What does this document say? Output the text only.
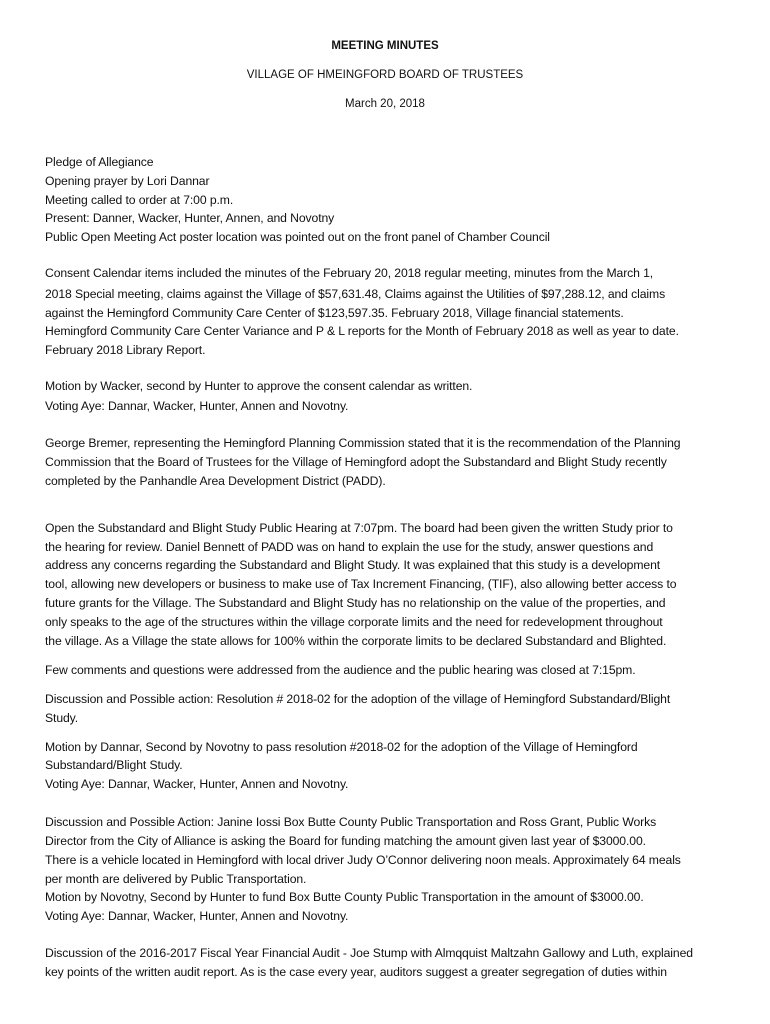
MEETING MINUTES
VILLAGE OF HMEINGFORD BOARD OF TRUSTEES
March 20, 2018
Pledge of Allegiance
Opening prayer by Lori Dannar
Meeting called to order at 7:00 p.m.
Present: Danner, Wacker, Hunter, Annen, and Novotny
Public Open Meeting Act poster location was pointed out on the front panel of Chamber Council
Consent Calendar items included the minutes of the February 20, 2018 regular meeting, minutes from the March 1,
2018 Special meeting, claims against the Village of $57,631.48, Claims against the Utilities of $97,288.12, and claims
against the Hemingford Community Care Center of $123,597.35. February 2018, Village financial statements.
Hemingford Community Care Center Variance and P & L reports for the Month of February 2018 as well as year to date.
February 2018 Library Report.
Motion by Wacker, second by Hunter to approve the consent calendar as written.
Voting Aye: Dannar, Wacker, Hunter, Annen and Novotny.
George Bremer, representing the Hemingford Planning Commission stated that it is the recommendation of the Planning
Commission that the Board of Trustees for the Village of Hemingford adopt the Substandard and Blight Study recently
completed by the Panhandle Area Development District (PADD).
Open the Substandard and Blight Study Public Hearing at 7:07pm. The board had been given the written Study prior to
the hearing for review. Daniel Bennett of PADD was on hand to explain the use for the study, answer questions and
address any concerns regarding the Substandard and Blight Study. It was explained that this study is a development
tool, allowing new developers or business to make use of Tax Increment Financing, (TIF), also allowing better access to
future grants for the Village. The Substandard and Blight Study has no relationship on the value of the properties, and
only speaks to the age of the structures within the village corporate limits and the need for redevelopment throughout
the village. As a Village the state allows for 100% within the corporate limits to be declared Substandard and Blighted.
Few comments and questions were addressed from the audience and the public hearing was closed at 7:15pm.
Discussion and Possible action: Resolution # 2018-02 for the adoption of the village of Hemingford Substandard/Blight
Study.
Motion by Dannar, Second by Novotny to pass resolution #2018-02 for the adoption of the Village of Hemingford
Substandard/Blight Study.
Voting Aye: Dannar, Wacker, Hunter, Annen and Novotny.
Discussion and Possible Action: Janine Iossi Box Butte County Public Transportation and Ross Grant, Public Works
Director from the City of Alliance is asking the Board for funding matching the amount given last year of $3000.00.
There is a vehicle located in Hemingford with local driver Judy O’Connor delivering noon meals. Approximately 64 meals
per month are delivered by Public Transportation.
Motion by Novotny, Second by Hunter to fund Box Butte County Public Transportation in the amount of $3000.00.
Voting Aye: Dannar, Wacker, Hunter, Annen and Novotny.
Discussion of the 2016-2017 Fiscal Year Financial Audit - Joe Stump with Almqquist Maltzahn Gallowy and Luth, explained
key points of the written audit report. As is the case every year, auditors suggest a greater segregation of duties within
